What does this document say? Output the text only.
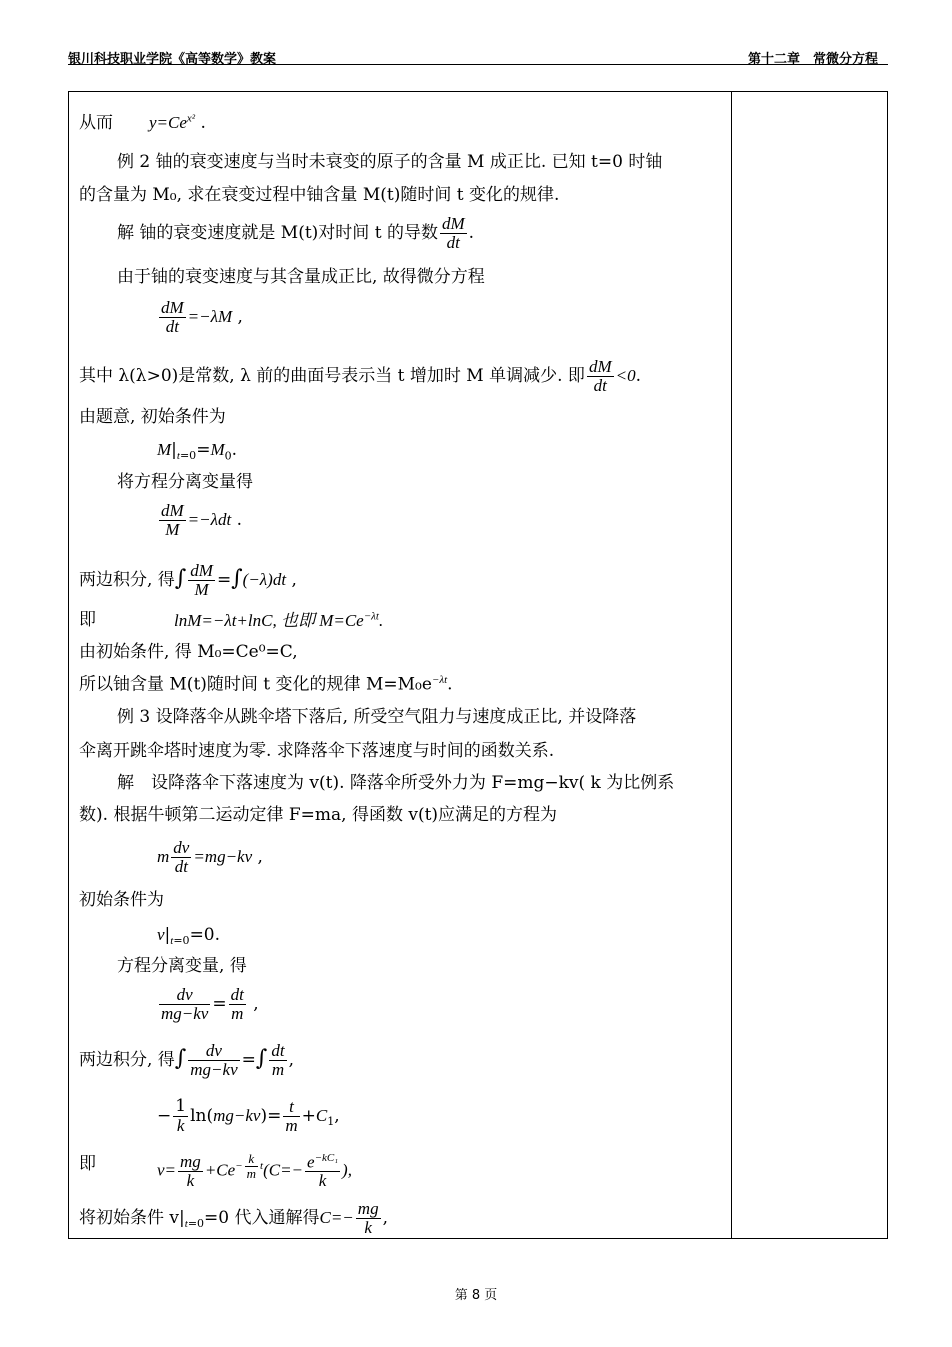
银川科技职业学院《高等数学》教案	第十二章　常微分方程
从而 $y=Ce^{x^2}$ .
例 2 铀的衰变速度与当时未衰变的原子的含量 M 成正比. 已知 t=0 时铀
的含量为 M₀, 求在衰变过程中铀含量 M(t)随时间 t 变化的规律.
解 铀的衰变速度就是 M(t)对时间 t 的导数 $\frac{dM}{dt}$ .
由于铀的衰变速度与其含量成正比, 故得微分方程
$\frac{dM}{dt} =-\lambda M$ ,
其中 λ(λ>0)是常数, λ 前的曲面号表示当 t 增加时 M 单调减少. 即 $\frac{dM}{dt} <0$.
由题意, 初始条件为
$M|_{t=0}=M_0$.
将方程分离变量得
$\frac{dM}{M} =-\lambda dt$ .
两边积分, 得∫ $\frac{dM}{M} =\int(-\lambda)dt$ ,
即	lnM=−λt+lnC, 也即 $M=Ce^{-\lambda t}$.
由初始条件, 得 M₀=Ce⁰=C,
所以铀含量 M(t)随时间 t 变化的规律 $M=M_0e^{-\lambda t}$.
例 3 设降落伞从跳伞塔下落后, 所受空气阻力与速度成正比, 并设降落
伞离开跳伞塔时速度为零. 求降落伞下落速度与时间的函数关系.
解　设降落伞下落速度为 v(t). 降落伞所受外力为 F=mg−kv( k 为比例系
数). 根据牛顿第二运动定律 F=ma, 得函数 v(t)应满足的方程为
m $\frac{dv}{dt} =mg-kv$ ,
初始条件为
$v|_{t=0}=0$.
方程分离变量, 得
$\frac{dv}{mg-kv} = \frac{dt}{m}$ ,
两边积分, 得∫ $\frac{dv}{mg-kv}$ =∫ $\frac{dt}{m}$ ,
− $\frac{1}{k} \ln(mg-kv)= \frac{t}{m} +C_1$,
即	$v= \frac{mg}{k} +Ce^{- \frac{k}{m} t}(C=- \frac{e^{-kC_1}}{k}$ ),
将初始条件 $v|_{t=0}=0$ 代入通解得$C=- \frac{mg}{k}$ ,
第 8 页
